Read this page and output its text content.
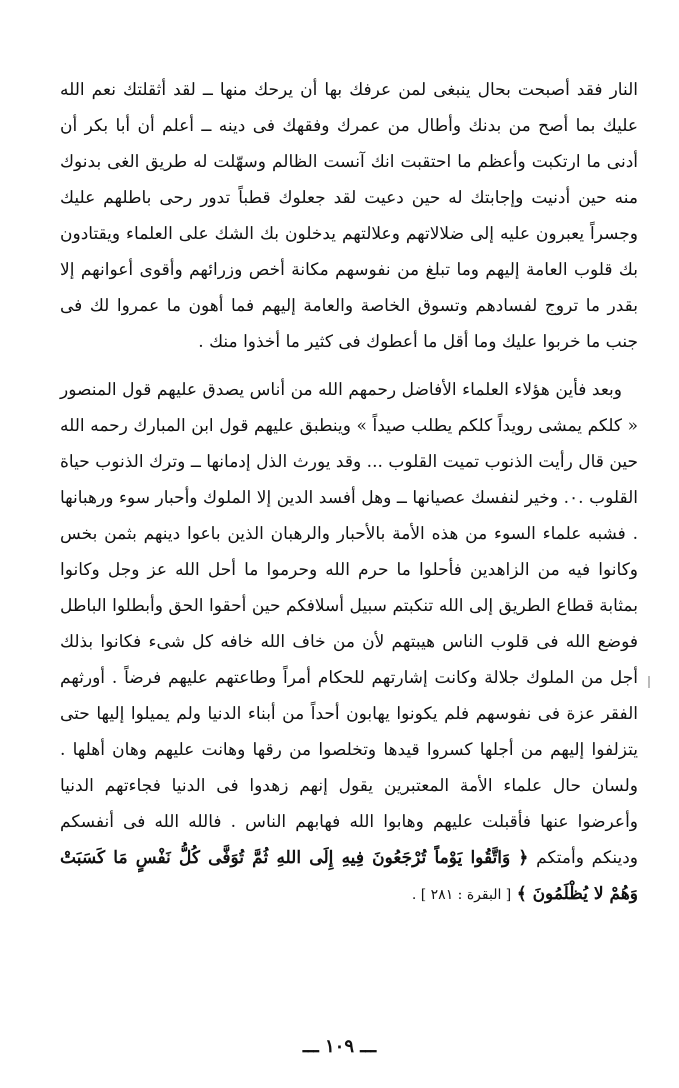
النار فقد أصبحت بحال ينبغى لمن عرفك بها أن يرحك منها ــ لقد أثقلتك نعم الله عليك بما أصح من بدنك وأطال من عمرك وفقهك فى دينه ــ أعلم أن أبا بكر أن أدنى ما ارتكبت وأعظم ما احتقبت انك آنست الظالم وسهّلت له طريق الغى بدنوك منه حين أدنيت وإجابتك له حين دعيت لقد جعلوك قطباً تدور رحى باطلهم عليك وجسراً يعبرون عليه إلى ضلالاتهم وعلالتهم يدخلون بك الشك على العلماء ويقتادون بك قلوب العامة إليهم وما تبلغ من نفوسهم مكانة أخص وزرائهم وأقوى أعوانهم إلا بقدر ما تروج لفسادهم وتسوق الخاصة والعامة إليهم فما أهون ما عمروا لك فى جنب ما خربوا عليك وما أقل ما أعطوك فى كثير ما أخذوا منك .

وبعد فأين هؤلاء العلماء الأفاضل رحمهم الله من أناس يصدق عليهم قول المنصور « كلكم يمشى رويداً كلكم يطلب صيداً » وينطبق عليهم قول ابن المبارك رحمه الله حين قال رأيت الذنوب تميت القلوب ... وقد يورث الذل إدمانها ــ وترك الذنوب حياة القلوب .٠. وخير لنفسك عصيانها ــ وهل أفسد الدين إلا الملوك وأحبار سوء ورهبانها . فشبه علماء السوء من هذه الأمة بالأحبار والرهبان الذين باعوا دينهم بثمن بخس وكانوا فيه من الزاهدين فأحلوا ما حرم الله وحرموا ما أحل الله عز وجل وكانوا بمثابة قطاع الطريق إلى الله تنكبتم سبيل أسلافكم حين أحقوا الحق وأبطلوا الباطل فوضع الله فى قلوب الناس هيبتهم لأن من خاف الله خافه كل شىء فكانوا بذلك أجل من الملوك جلالة وكانت إشارتهم للحكام أمراً وطاعتهم عليهم فرضاً . أورثهم الفقر عزة فى نفوسهم فلم يكونوا يهابون أحداً من أبناء الدنيا ولم يميلوا إليها حتى يتزلفوا إليهم من أجلها كسروا قيدها وتخلصوا من رقها وهانت عليهم وهان أهلها . ولسان حال علماء الأمة المعتبرين يقول إنهم زهدوا فى الدنيا فجاءتهم الدنيا وأعرضوا عنها فأقبلت عليهم وهابوا الله فهابهم الناس . فالله الله فى أنفسكم ودينكم وأمتكم ﴿ وَاتَّقُوا يَوْماً تُرْجَعُونَ فِيهِ إِلَى اللهِ ثُمَّ تُوَفَّى كُلُّ نَفْسٍ مَا كَسَبَتْ وَهُمْ لا يُظْلَمُونَ ﴾ [ البقرة : ٢٨١ ] .

ـــ ١٠٩ ـــ
